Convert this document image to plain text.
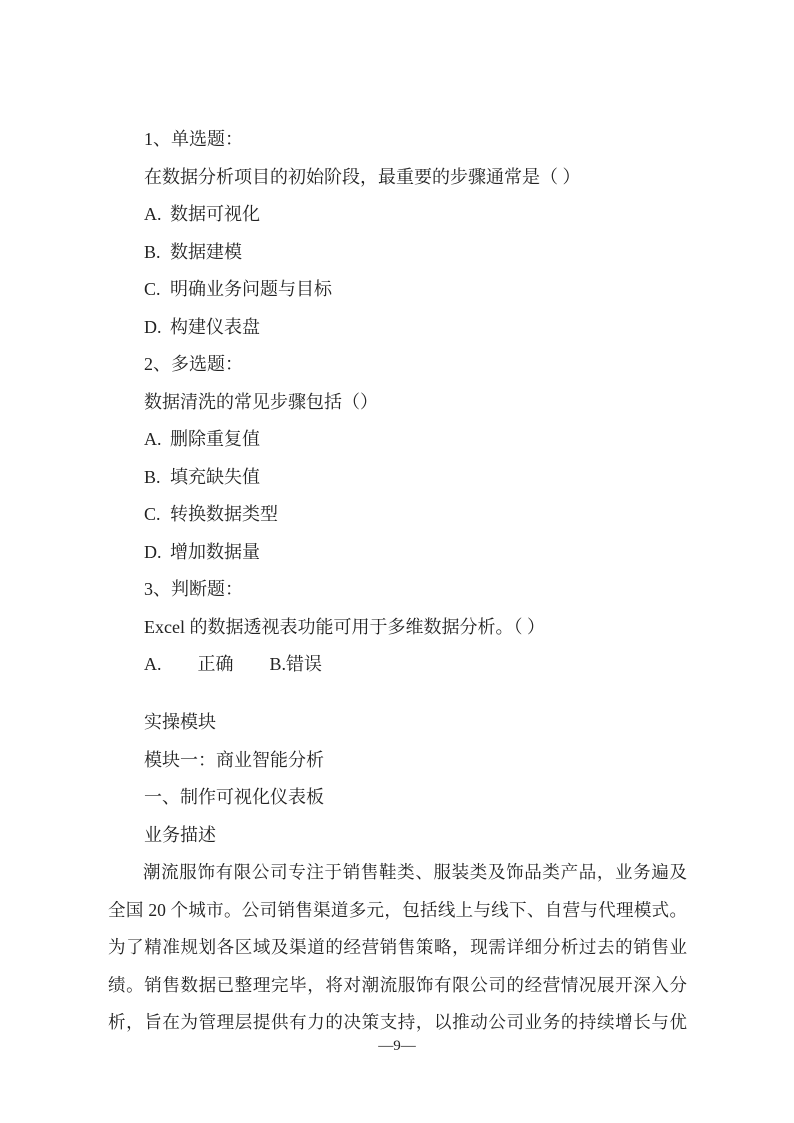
1、单选题：
在数据分析项目的初始阶段，最重要的步骤通常是（ ）
A. 数据可视化
B. 数据建模
C. 明确业务问题与目标
D. 构建仪表盘
2、多选题：
数据清洗的常见步骤包括（）
A. 删除重复值
B. 填充缺失值
C. 转换数据类型
D. 增加数据量
3、判断题：
Excel 的数据透视表功能可用于多维数据分析。（ ）
A.　　正确　　B.错误
实操模块
模块一：商业智能分析
一、制作可视化仪表板
业务描述
潮流服饰有限公司专注于销售鞋类、服装类及饰品类产品，业务遍及
全国 20 个城市。公司销售渠道多元，包括线上与线下、自营与代理模式。
为了精准规划各区域及渠道的经营销售策略，现需详细分析过去的销售业
绩。销售数据已整理完毕，将对潮流服饰有限公司的经营情况展开深入分
析，旨在为管理层提供有力的决策支持，以推动公司业务的持续增长与优
—9—
